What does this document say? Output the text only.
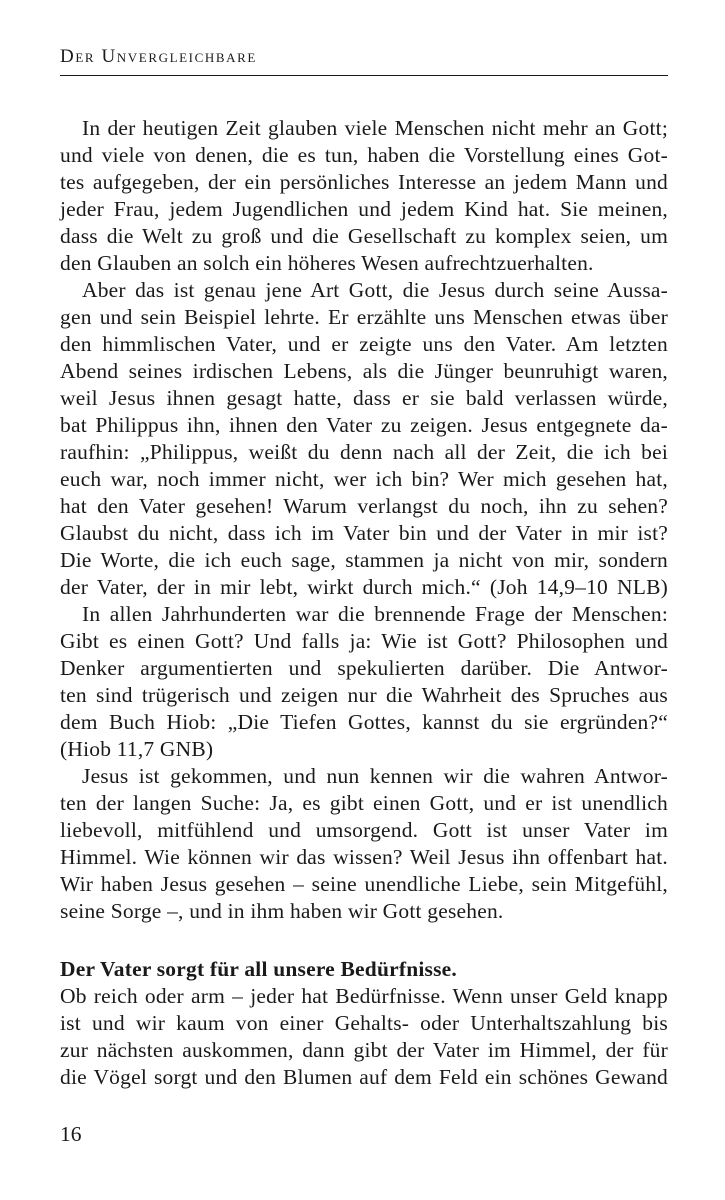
Der Unvergleichbare
In der heutigen Zeit glauben viele Menschen nicht mehr an Gott;
und viele von denen, die es tun, haben die Vorstellung eines Got-
tes aufgegeben, der ein persönliches Interesse an jedem Mann und
jeder Frau, jedem Jugendlichen und jedem Kind hat. Sie meinen,
dass die Welt zu groß und die Gesellschaft zu komplex seien, um
den Glauben an solch ein höheres Wesen aufrechtzuerhalten.
Aber das ist genau jene Art Gott, die Jesus durch seine Aussa-
gen und sein Beispiel lehrte. Er erzählte uns Menschen etwas über
den himmlischen Vater, und er zeigte uns den Vater. Am letzten
Abend seines irdischen Lebens, als die Jünger beunruhigt waren,
weil Jesus ihnen gesagt hatte, dass er sie bald verlassen würde,
bat Philippus ihn, ihnen den Vater zu zeigen. Jesus entgegnete da-
raufhin: „Philippus, weißt du denn nach all der Zeit, die ich bei
euch war, noch immer nicht, wer ich bin? Wer mich gesehen hat,
hat den Vater gesehen! Warum verlangst du noch, ihn zu sehen?
Glaubst du nicht, dass ich im Vater bin und der Vater in mir ist?
Die Worte, die ich euch sage, stammen ja nicht von mir, sondern
der Vater, der in mir lebt, wirkt durch mich.“ (Joh 14,9–10 NLB)
In allen Jahrhunderten war die brennende Frage der Menschen:
Gibt es einen Gott? Und falls ja: Wie ist Gott? Philosophen und
Denker argumentierten und spekulierten darüber. Die Antwor-
ten sind trügerisch und zeigen nur die Wahrheit des Spruches aus
dem Buch Hiob: „Die Tiefen Gottes, kannst du sie ergründen?“
(Hiob 11,7 GNB)
Jesus ist gekommen, und nun kennen wir die wahren Antwor-
ten der langen Suche: Ja, es gibt einen Gott, und er ist unendlich
liebevoll, mitfühlend und umsorgend. Gott ist unser Vater im
Himmel. Wie können wir das wissen? Weil Jesus ihn offenbart hat.
Wir haben Jesus gesehen – seine unendliche Liebe, sein Mitgefühl,
seine Sorge –, und in ihm haben wir Gott gesehen.
Der Vater sorgt für all unsere Bedürfnisse.
Ob reich oder arm – jeder hat Bedürfnisse. Wenn unser Geld knapp
ist und wir kaum von einer Gehalts- oder Unterhaltszahlung bis
zur nächsten auskommen, dann gibt der Vater im Himmel, der für
die Vögel sorgt und den Blumen auf dem Feld ein schönes Gewand
16
